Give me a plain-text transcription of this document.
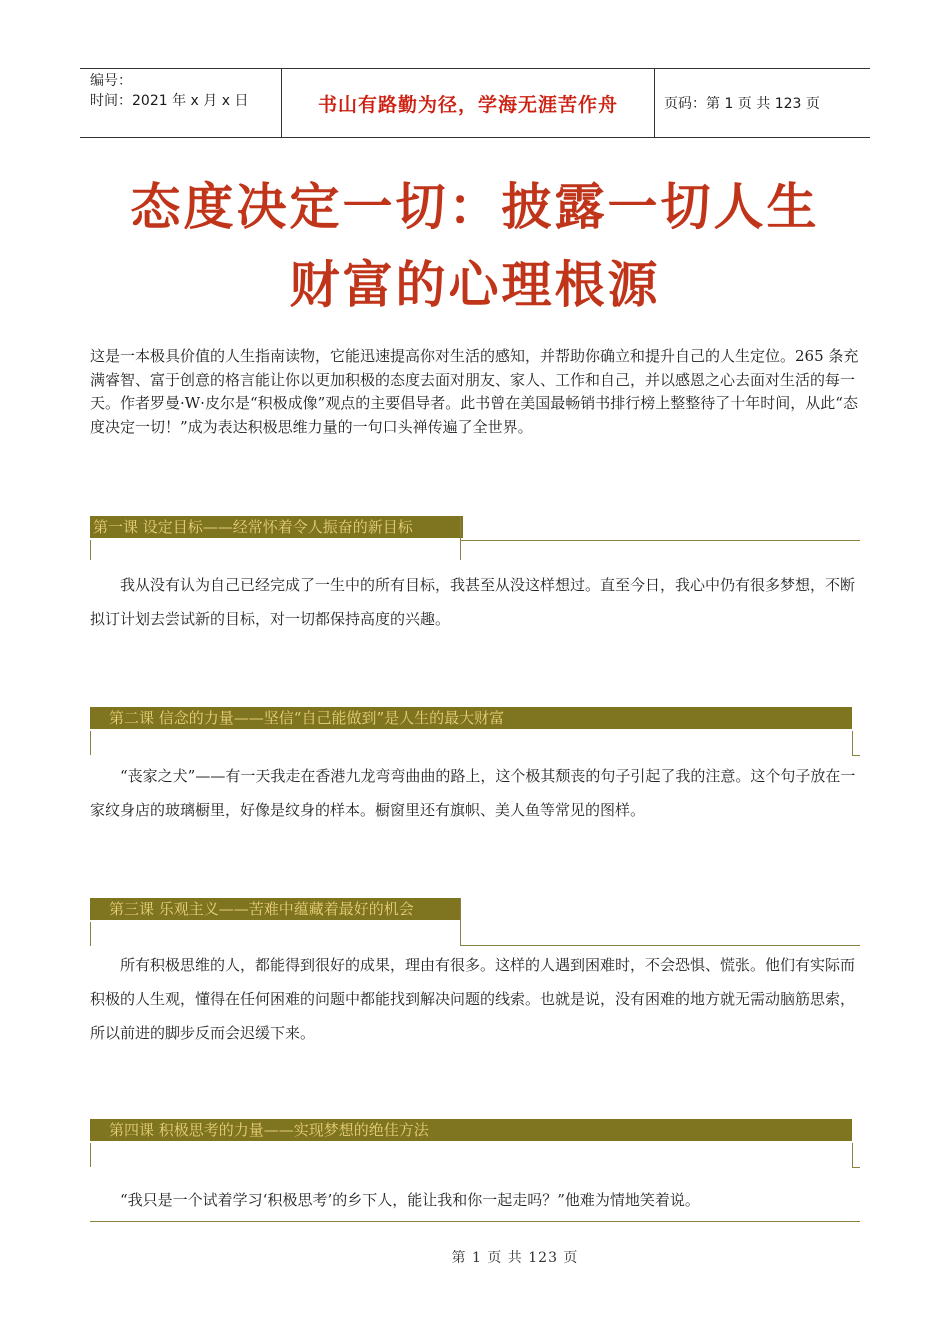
编号：
时间：2021 年 x 月 x 日	书山有路勤为径，学海无涯苦作舟	页码：第 1 页 共 123 页
态度决定一切：披露一切人生
财富的心理根源
这是一本极具价值的人生指南读物，它能迅速提高你对生活的感知，并帮助你确立和提升自己的人生定位。265 条充满睿智、富于创意的格言能让你以更加积极的态度去面对朋友、家人、工作和自己，并以感恩之心去面对生活的每一天。作者罗曼·W·皮尔是“积极成像”观点的主要倡导者。此书曾在美国最畅销书排行榜上整整待了十年时间，从此“态度决定一切！”成为表达积极思维力量的一句口头禅传遍了全世界。
第一课 设定目标——经常怀着令人振奋的新目标
我从没有认为自己已经完成了一生中的所有目标，我甚至从没这样想过。直至今日，我心中仍有很多梦想，不断拟订计划去尝试新的目标，对一切都保持高度的兴趣。
第二课 信念的力量——坚信“自己能做到”是人生的最大财富
“丧家之犬”——有一天我走在香港九龙弯弯曲曲的路上，这个极其颓丧的句子引起了我的注意。这个句子放在一家纹身店的玻璃橱里，好像是纹身的样本。橱窗里还有旗帜、美人鱼等常见的图样。
第三课 乐观主义——苦难中蕴藏着最好的机会
所有积极思维的人，都能得到很好的成果，理由有很多。这样的人遇到困难时，不会恐惧、慌张。他们有实际而积极的人生观，懂得在任何困难的问题中都能找到解决问题的线索。也就是说，没有困难的地方就无需动脑筋思索，所以前进的脚步反而会迟缓下来。
第四课 积极思考的力量——实现梦想的绝佳方法
“我只是一个试着学习‘积极思考’的乡下人，能让我和你一起走吗？”他难为情地笑着说。
第 1 页 共 123 页
